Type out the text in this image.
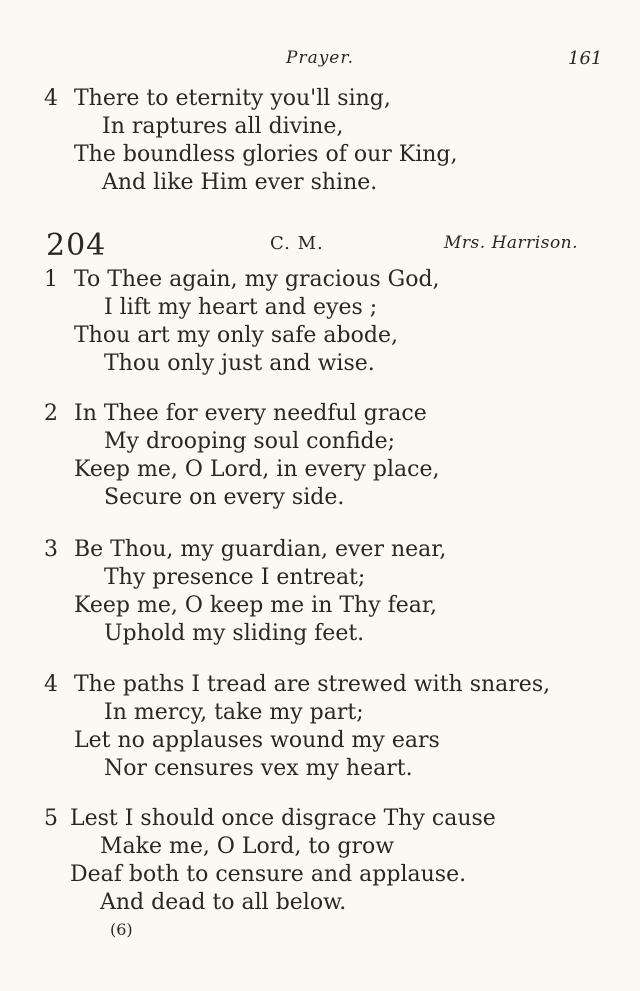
Prayer.	161
4 There to eternity you'll sing,
In raptures all divine,
The boundless glories of our King,
And like Him ever shine.
204	C. M.	Mrs. Harrison.
1 To Thee again, my gracious God,
I lift my heart and eyes ;
Thou art my only safe abode,
Thou only just and wise.
2 In Thee for every needful grace
My drooping soul confide;
Keep me, O Lord, in every place,
Secure on every side.
3 Be Thou, my guardian, ever near,
Thy presence I entreat;
Keep me, O keep me in Thy fear,
Uphold my sliding feet.
4 The paths I tread are strewed with snares,
In mercy, take my part;
Let no applauses wound my ears
Nor censures vex my heart.
5 Lest I should once disgrace Thy cause
Make me, O Lord, to grow
Deaf both to censure and applause.
And dead to all below.
(6)
